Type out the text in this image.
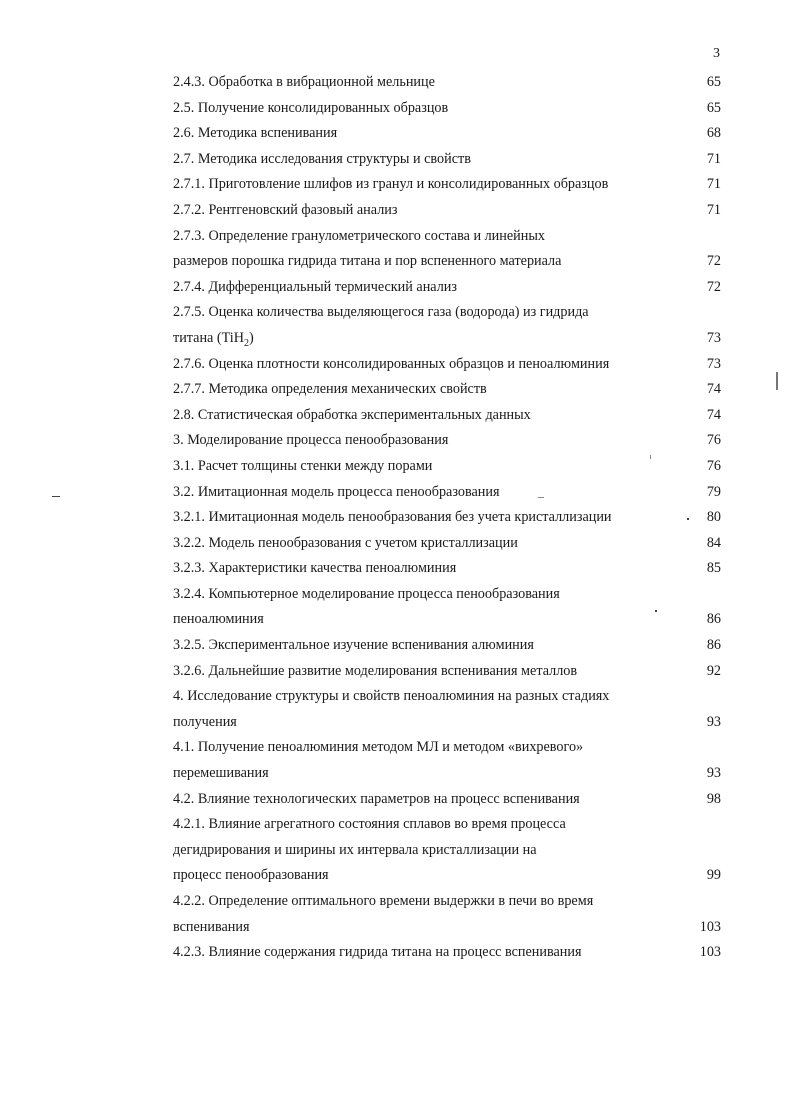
3
2.4.3. Обработка в вибрационной мельнице	65
2.5. Получение консолидированных образцов	65
2.6. Методика вспенивания	68
2.7. Методика исследования структуры и свойств	71
2.7.1. Приготовление шлифов из гранул и консолидированных образцов	71
2.7.2. Рентгеновский фазовый анализ	71
2.7.3. Определение гранулометрического состава и линейных
размеров порошка гидрида титана и пор вспененного материала	72
2.7.4. Дифференциальный термический анализ	72
2.7.5. Оценка количества выделяющегося газа (водорода) из гидрида
титана (TiH$_2$)	73
2.7.6. Оценка плотности консолидированных образцов и пеноалюминия	73
2.7.7. Методика определения механических свойств	74
2.8. Статистическая обработка экспериментальных данных	74
3. Моделирование процесса пенообразования	76
3.1. Расчет толщины стенки между порами	76
3.2. Имитационная модель процесса пенообразования	79
3.2.1. Имитационная модель пенообразования без учета кристаллизации	80
3.2.2. Модель пенообразования с учетом кристаллизации	84
3.2.3. Характеристики качества пеноалюминия	85
3.2.4. Компьютерное моделирование процесса пенообразования
пеноалюминия	86
3.2.5. Экспериментальное изучение вспенивания алюминия	86
3.2.6. Дальнейшие развитие моделирования вспенивания металлов	92
4. Исследование структуры и свойств пеноалюминия на разных стадиях
получения	93
4.1. Получение пеноалюминия методом МЛ и методом «вихревого»
перемешивания	93
4.2. Влияние технологических параметров на процесс вспенивания	98
4.2.1. Влияние агрегатного состояния сплавов во время процесса
дегидрирования и ширины их интервала кристаллизации на
процесс пенообразования	99
4.2.2. Определение оптимального времени выдержки в печи во время
вспенивания	103
4.2.3. Влияние содержания гидрида титана на процесс вспенивания	103
